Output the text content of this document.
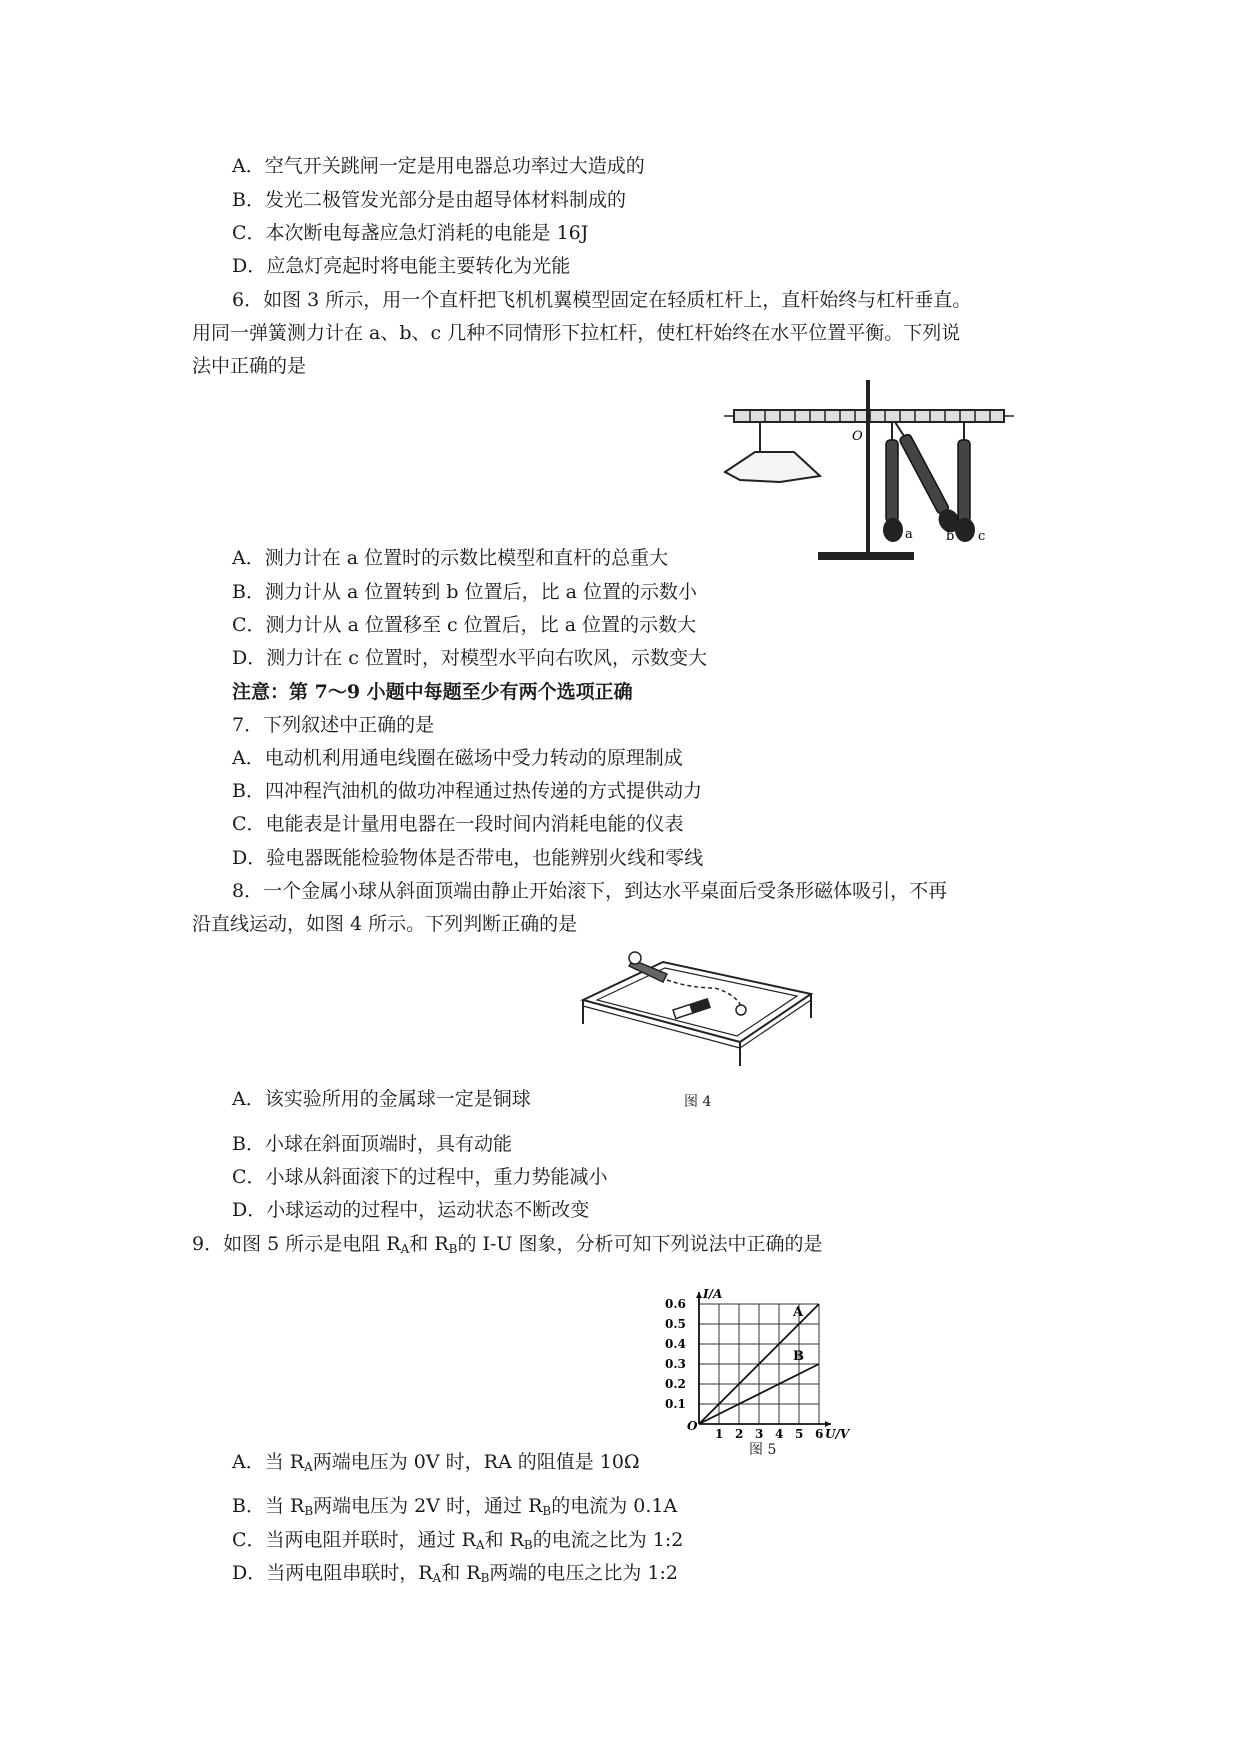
A．空气开关跳闸一定是用电器总功率过大造成的
B．发光二极管发光部分是由超导体材料制成的
C．本次断电每盏应急灯消耗的电能是 16J
D．应急灯亮起时将电能主要转化为光能
6．如图 3 所示，用一个直杆把飞机机翼模型固定在轻质杠杆上，直杆始终与杠杆垂直。
用同一弹簧测力计在 a、b、c 几种不同情形下拉杠杆，使杠杆始终在水平位置平衡。下列说
法中正确的是
O
a	b c
A．测力计在 a 位置时的示数比模型和直杆的总重大
B．测力计从 a 位置转到 b 位置后，比 a 位置的示数小
C．测力计从 a 位置移至 c 位置后，比 a 位置的示数大
D．测力计在 c 位置时，对模型水平向右吹风，示数变大
注意：第 7～9 小题中每题至少有两个选项正确
7．下列叙述中正确的是
A．电动机利用通电线圈在磁场中受力转动的原理制成
B．四冲程汽油机的做功冲程通过热传递的方式提供动力
C．电能表是计量用电器在一段时间内消耗电能的仪表
D．验电器既能检验物体是否带电，也能辨别火线和零线
8．一个金属小球从斜面顶端由静止开始滚下，到达水平桌面后受条形磁体吸引，不再
沿直线运动，如图 4 所示。下列判断正确的是
A．该实验所用的金属球一定是铜球	图 4
B．小球在斜面顶端时，具有动能
C．小球从斜面滚下的过程中，重力势能减小
D．小球运动的过程中，运动状态不断改变
9．如图 5 所示是电阻 $R_A$和 $R_B$的 I-U 图象，分析可知下列说法中正确的是
1 2 3 4 5 6
0.1
0.2
0.3
0.4
0.5
0.6
O
U/V
I/A
A
B
A．当 $R_A$两端电压为 0V 时，RA 的阻值是 10Ω
图 5
B．当 $R_B$两端电压为 2V 时，通过 $R_B$的电流为 0.1A
C．当两电阻并联时，通过 $R_A$和 $R_B$的电流之比为 1:2
D．当两电阻串联时，$R_A$和 $R_B$两端的电压之比为 1:2
